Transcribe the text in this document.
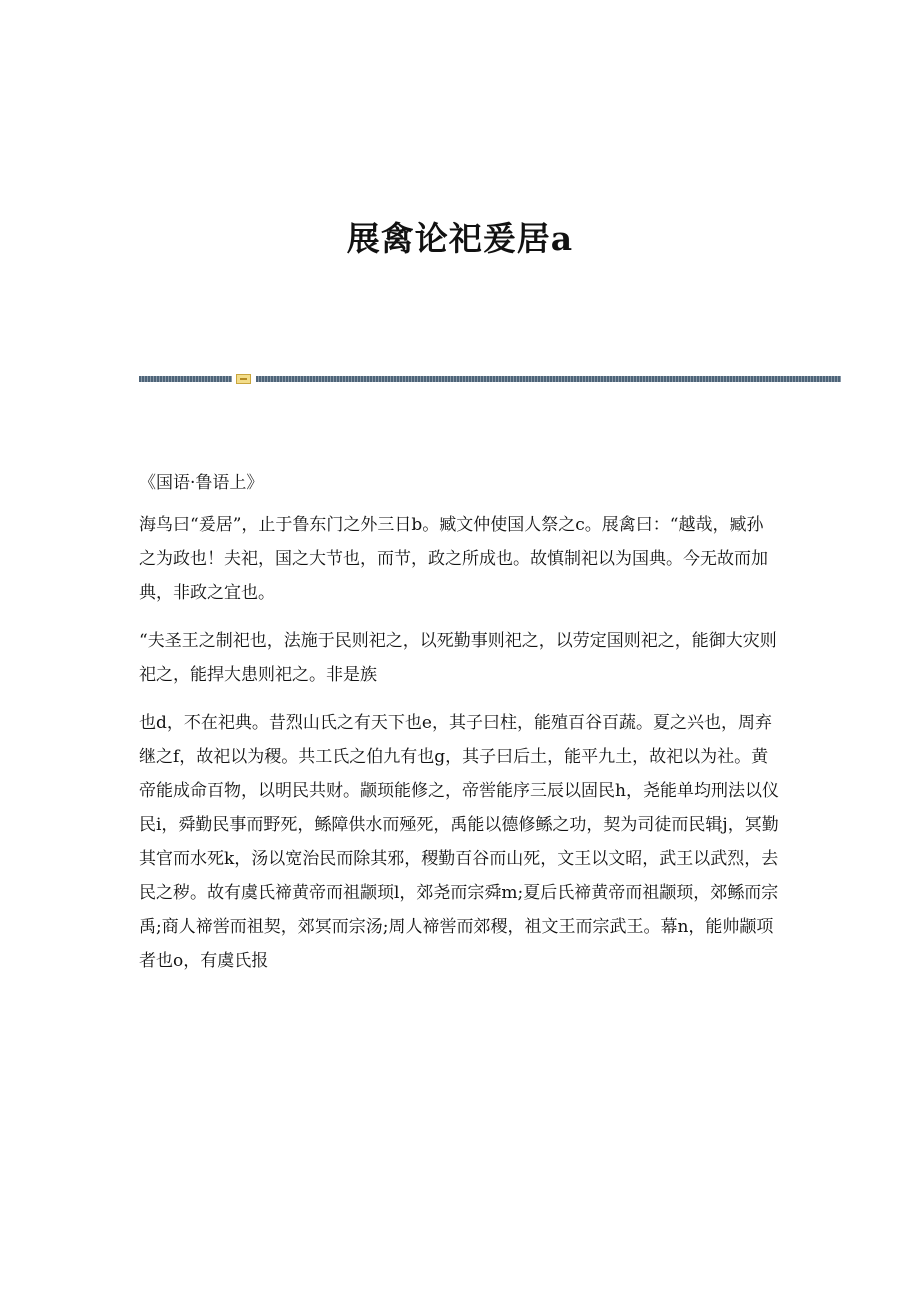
展禽论祀爰居a

《国语·鲁语上》

海鸟曰“爰居”，止于鲁东门之外三日b。臧文仲使国人祭之c。展禽曰：“越哉，臧孙之为政也！夫祀，国之大节也，而节，政之所成也。故慎制祀以为国典。今无故而加典，非政之宜也。

“夫圣王之制祀也，法施于民则祀之，以死勤事则祀之，以劳定国则祀之，能御大灾则祀之，能捍大患则祀之。非是族

也d，不在祀典。昔烈山氏之有天下也e，其子曰柱，能殖百谷百蔬。夏之兴也，周弃继之f，故祀以为稷。共工氏之伯九有也g，其子曰后土，能平九土，故祀以为社。黄帝能成命百物，以明民共财。颛顼能修之，帝喾能序三辰以固民h，尧能单均刑法以仪民i，舜勤民事而野死，鲧障供水而殛死，禹能以德修鲧之功，契为司徒而民辑j，冥勤其官而水死k，汤以宽治民而除其邪，稷勤百谷而山死，文王以文昭，武王以武烈，去民之秽。故有虞氏禘黄帝而祖颛顼l，郊尧而宗舜m;夏后氏禘黄帝而祖颛顼，郊鲧而宗禹;商人禘喾而祖契，郊冥而宗汤;周人禘喾而郊稷，祖文王而宗武王。幕n，能帅颛项者也o，有虞氏报
